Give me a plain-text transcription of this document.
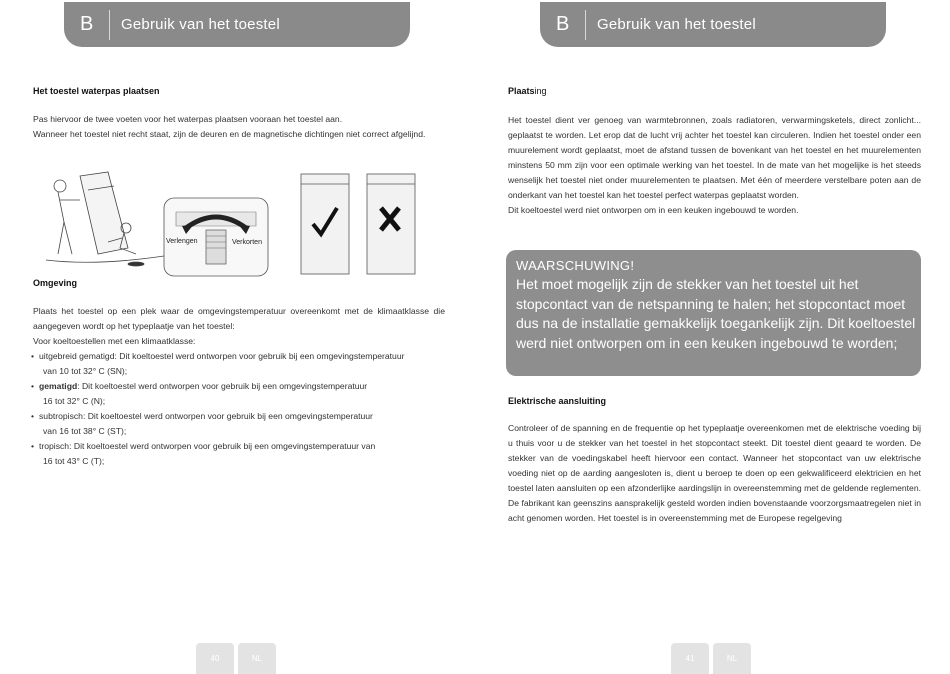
B Gebruik van het toestel
Het toestel waterpas plaatsen

Pas hiervoor de twee voeten voor het waterpas plaatsen vooraan het toestel aan.

Wanneer het toestel niet recht staat, zijn de deuren en de magnetische dichtingen niet correct afgelijnd.

Verlengen	Verkorten
Omgeving
Plaats het toestel op een plek waar de omgevingstemperatuur overeenkomt met de klimaatklasse die aangegeven wordt op het typeplaatje van het toestel:
Voor koeltoestellen met een klimaatklasse:
• uitgebreid gematigd: Dit koeltoestel werd ontworpen voor gebruik bij een omgevingstemperatuur
van 10 tot 32° C (SN);
• gematigd: Dit koeltoestel werd ontworpen voor gebruik bij een omgevingstemperatuur
16 tot 32° C (N);
• subtropisch: Dit koeltoestel werd ontworpen voor gebruik bij een omgevingstemperatuur
van 16 tot 38° C (ST);
• tropisch: Dit koeltoestel werd ontworpen voor gebruik bij een omgevingstemperatuur van
16 tot 43° C (T);
40	NL
B Gebruik van het toestel
Plaatsing

Het toestel dient ver genoeg van warmtebronnen, zoals radiatoren, verwarmingsketels, direct zonlicht... geplaatst te worden. Let erop dat de lucht vrij achter het toestel kan circuleren. Indien het toestel onder een muurelement wordt geplaatst, moet de afstand tussen de bovenkant van het toestel en het muurelementen minstens 50 mm zijn voor een optimale werking van het toestel. In de mate van het mogelijke is het steeds wenselijk het toestel niet onder muurelementen te plaatsen. Met één of meerdere verstelbare poten aan de onderkant van het toestel kan het toestel perfect waterpas geplaatst worden.

Dit koeltoestel werd niet ontworpen om in een keuken ingebouwd te worden.

WAARSCHUWING!
Het moet mogelijk zijn de stekker van het toestel uit het stopcontact van de netspanning te halen; het stopcontact moet dus na de installatie gemakkelijk toegankelijk zijn. Dit koeltoestel werd niet ontworpen om in een keuken ingebouwd te worden;
Elektrische aansluiting
Controleer of de spanning en de frequentie op het typeplaatje overeenkomen met de elektrische voeding bij u thuis voor u de stekker van het toestel in het stopcontact steekt. Dit toestel dient geaard te worden. De stekker van de voedingskabel heeft hiervoor een contact. Wanneer het stopcontact van uw elektrische voeding niet op de aarding aangesloten is, dient u beroep te doen op een gekwalificeerd elektricien en het toestel laten aansluiten op een afzonderlijke aardingslijn in overeenstemming met de geldende reglementen. De fabrikant kan geenszins aansprakelijk gesteld worden indien bovenstaande voorzorgsmaatregelen niet in acht genomen worden. Het toestel is in overeenstemming met de Europese regelgeving
41	NL
